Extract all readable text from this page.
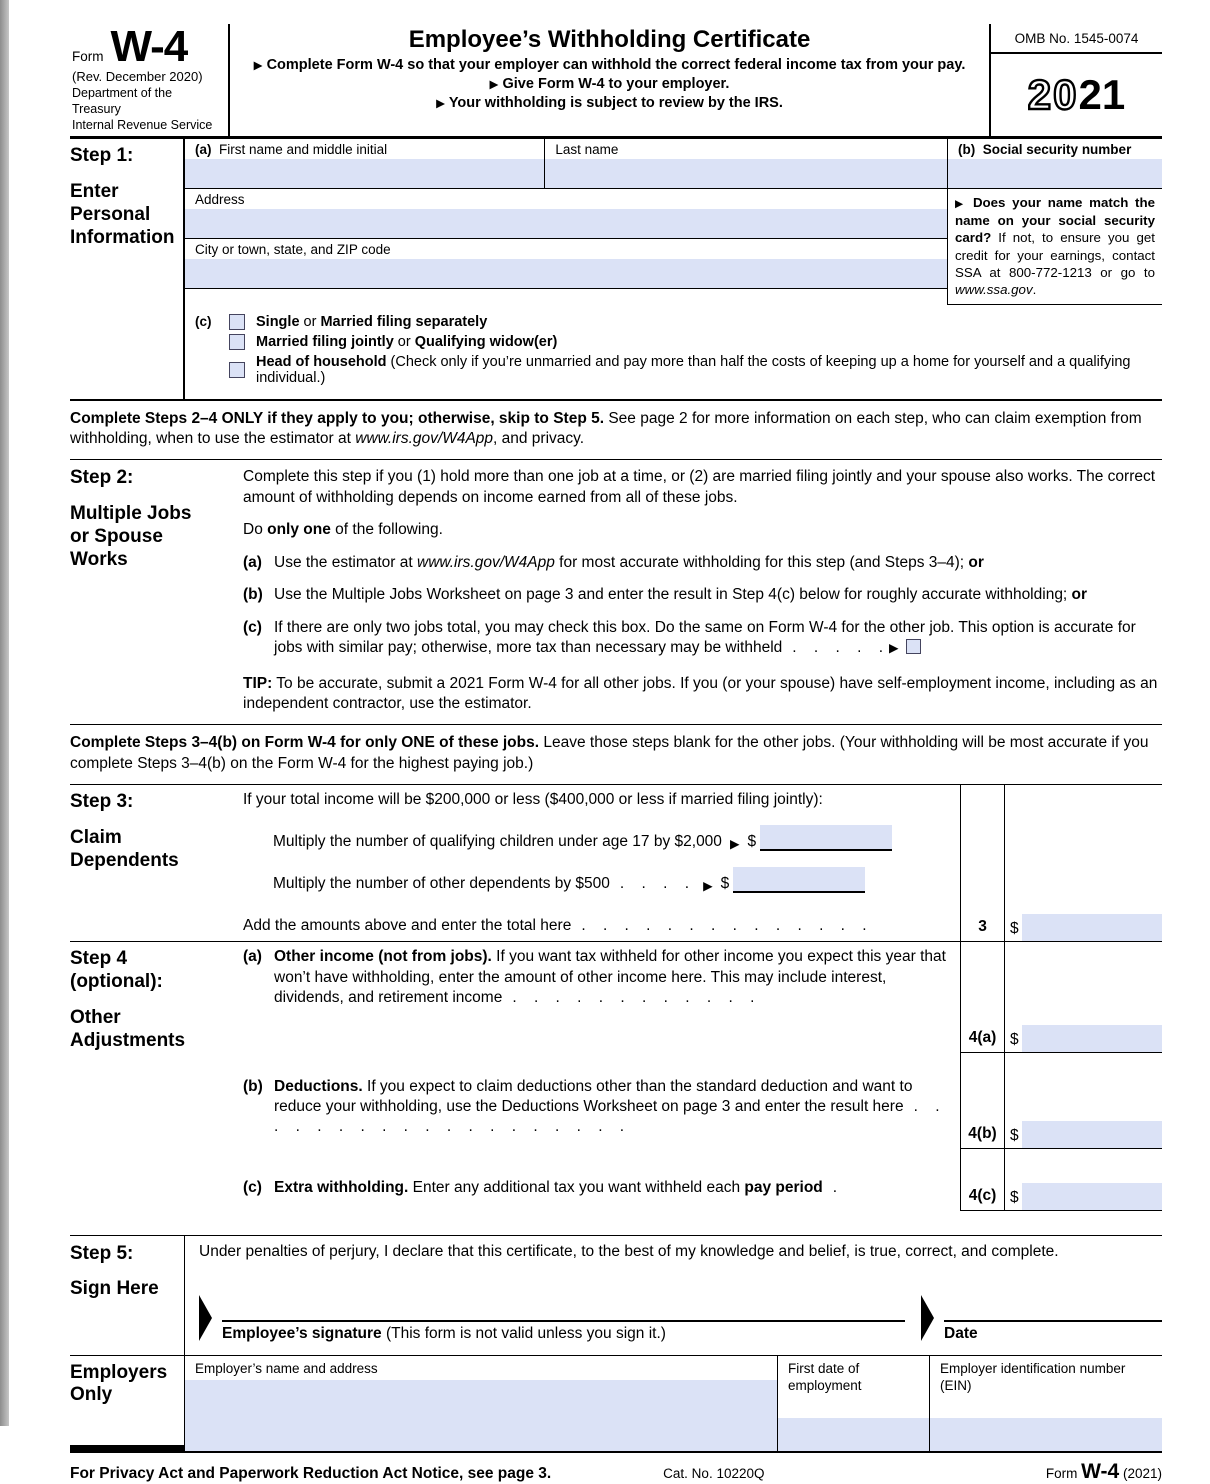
Form W-4
(Rev. December 2020)
Department of the Treasury
Internal Revenue Service
Employee’s Withholding Certificate
▶ Complete Form W-4 so that your employer can withhold the correct federal income tax from your pay.
▶ Give Form W-4 to your employer.
▶ Your withholding is subject to review by the IRS.
OMB No. 1545-0074
20 21
Step 1:
Enter Personal Information
(a) First name and middle initial	Last name
Address
City or town, state, and ZIP code
(b) Social security number
▶ Does your name match the name on your social security card? If not, to ensure you get credit for your earnings, contact SSA at 800-772-1213 or go to www.ssa.gov.
(c)	Single or Married filing separately
Married filing jointly or Qualifying widow(er)
Head of household (Check only if you’re unmarried and pay more than half the costs of keeping up a home for yourself and a qualifying individual.)
Complete Steps 2–4 ONLY if they apply to you; otherwise, skip to Step 5. See page 2 for more information on each step, who can claim exemption from withholding, when to use the estimator at www.irs.gov/W4App, and privacy.
Step 2:
Multiple Jobs or Spouse Works
Complete this step if you (1) hold more than one job at a time, or (2) are married filing jointly and your spouse also works. The correct amount of withholding depends on income earned from all of these jobs.
Do only one of the following.
(a) Use the estimator at www.irs.gov/W4App for most accurate withholding for this step (and Steps 3–4); or
(b) Use the Multiple Jobs Worksheet on page 3 and enter the result in Step 4(c) below for roughly accurate withholding; or
(c) If there are only two jobs total, you may check this box. Do the same on Form W-4 for the other job. This option is accurate for jobs with similar pay; otherwise, more tax than necessary may be withheld . . . . . ▶
TIP: To be accurate, submit a 2021 Form W-4 for all other jobs. If you (or your spouse) have self-employment income, including as an independent contractor, use the estimator.
Complete Steps 3–4(b) on Form W-4 for only ONE of these jobs. Leave those steps blank for the other jobs. (Your withholding will be most accurate if you complete Steps 3–4(b) on the Form W-4 for the highest paying job.)
Step 3:
Claim Dependents
If your total income will be $200,000 or less ($400,000 or less if married filing jointly):
Multiply the number of qualifying children under age 17 by $2,000 ▶ $
Multiply the number of other dependents by $500 . . . .	▶ $
Add the amounts above and enter the total here . . . . . . . . . . . . . .	3	$
Step 4 (optional):
Other Adjustments
(a) Other income (not from jobs). If you want tax withheld for other income you expect this year that won’t have withholding, enter the amount of other income here. This may include interest, dividends, and retirement income . . . . . . . . . . . .
4(a) $
(b) Deductions. If you expect to claim deductions other than the standard deduction and want to reduce your withholding, use the Deductions Worksheet on page 3 and enter the result here . . . . . . . . . . . . . . . . . . .	4(b) $
(c) Extra withholding. Enter any additional tax you want withheld each pay period .	4(c) $
Step 5:
Sign Here
Under penalties of perjury, I declare that this certificate, to the best of my knowledge and belief, is true, correct, and complete.
Employee’s signature (This form is not valid unless you sign it.)	Date
Employers Only
Employer’s name and address	First date of employment
Employer identification number (EIN)
For Privacy Act and Paperwork Reduction Act Notice, see page 3.	Cat. No. 10220Q	Form W-4 (2021)
